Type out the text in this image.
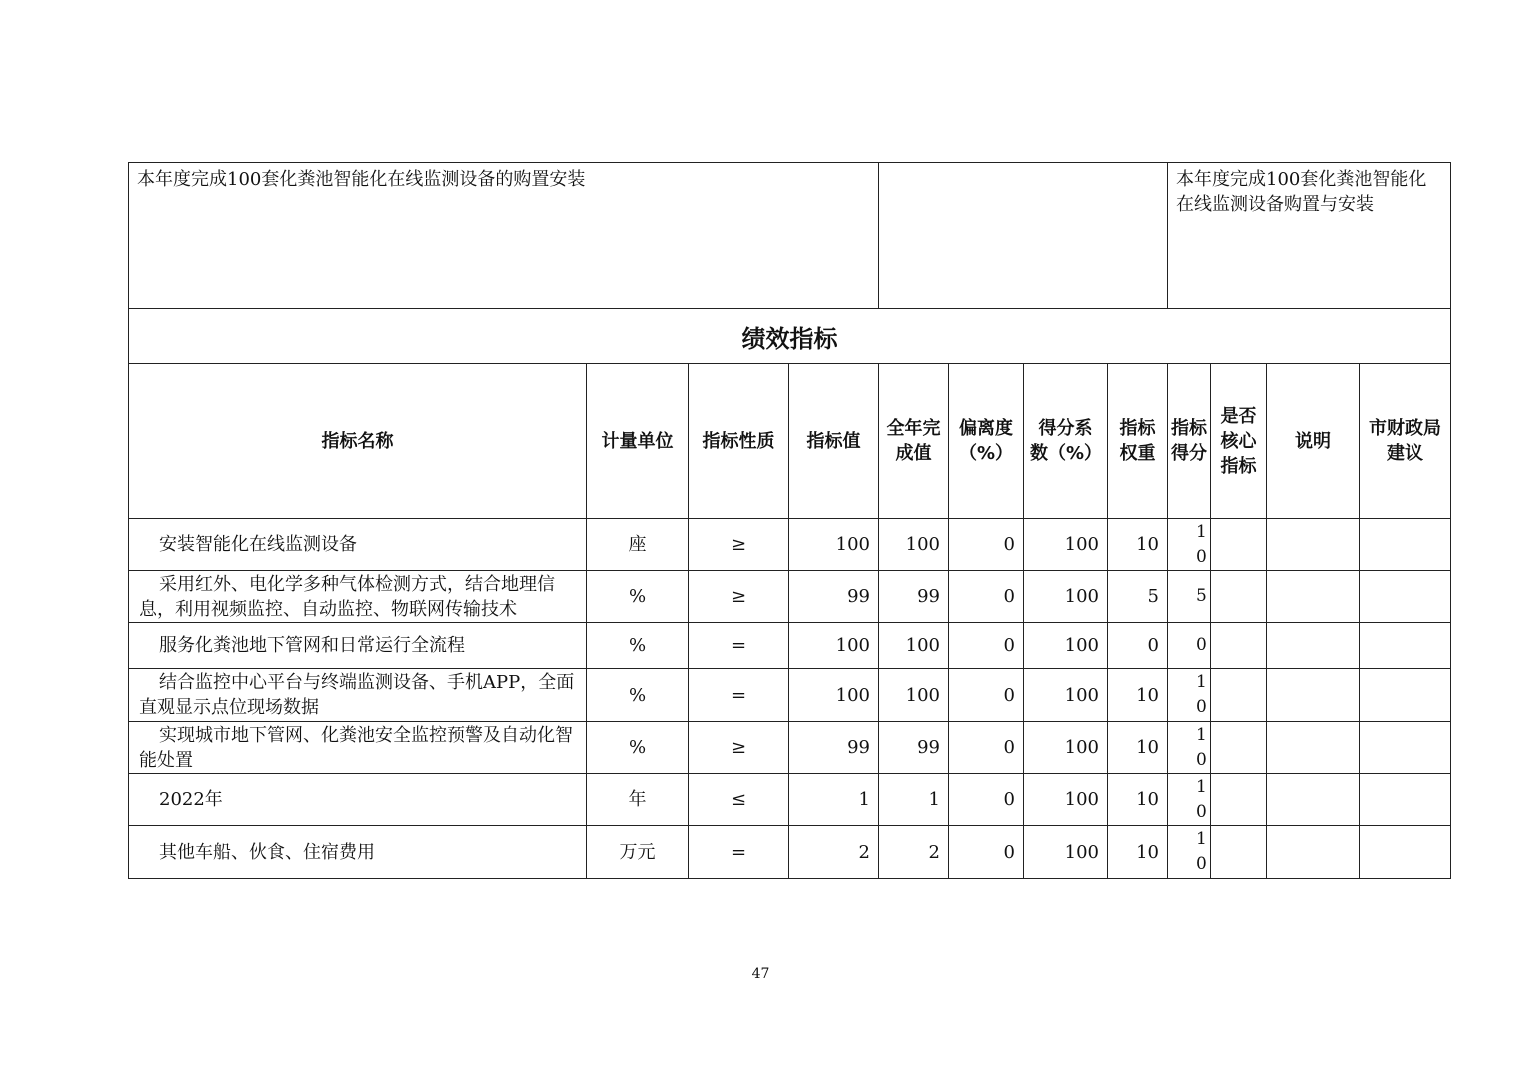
本年度完成100套化粪池智能化在线监测设备的购置安装		本年度完成100套化粪池智能化在线监测设备购置与安装
绩效指标											
指标名称	计量单位	指标性质	指标值	全年完成值	偏离度（%）	得分系数（%）	指标权重	指标得分	是否核心指标	说明	市财政局建议
安装智能化在线监测设备	座	≥	100	100	0	100	10	10			
采用红外、电化学多种气体检测方式，结合地理信息，利用视频监控、自动监控、物联网传输技术	%	≥	99	99	0	100	5	5			
服务化粪池地下管网和日常运行全流程	%	=	100	100	0	100	0	0			
结合监控中心平台与终端监测设备、手机APP，全面直观显示点位现场数据	%	=	100	100	0	100	10	10			
实现城市地下管网、化粪池安全监控预警及自动化智能处置	%	≥	99	99	0	100	10	10			
2022年	年	≤	1	1	0	100	10	10			
其他车船、伙食、住宿费用	万元	=	2	2	0	100	10	10			
47
